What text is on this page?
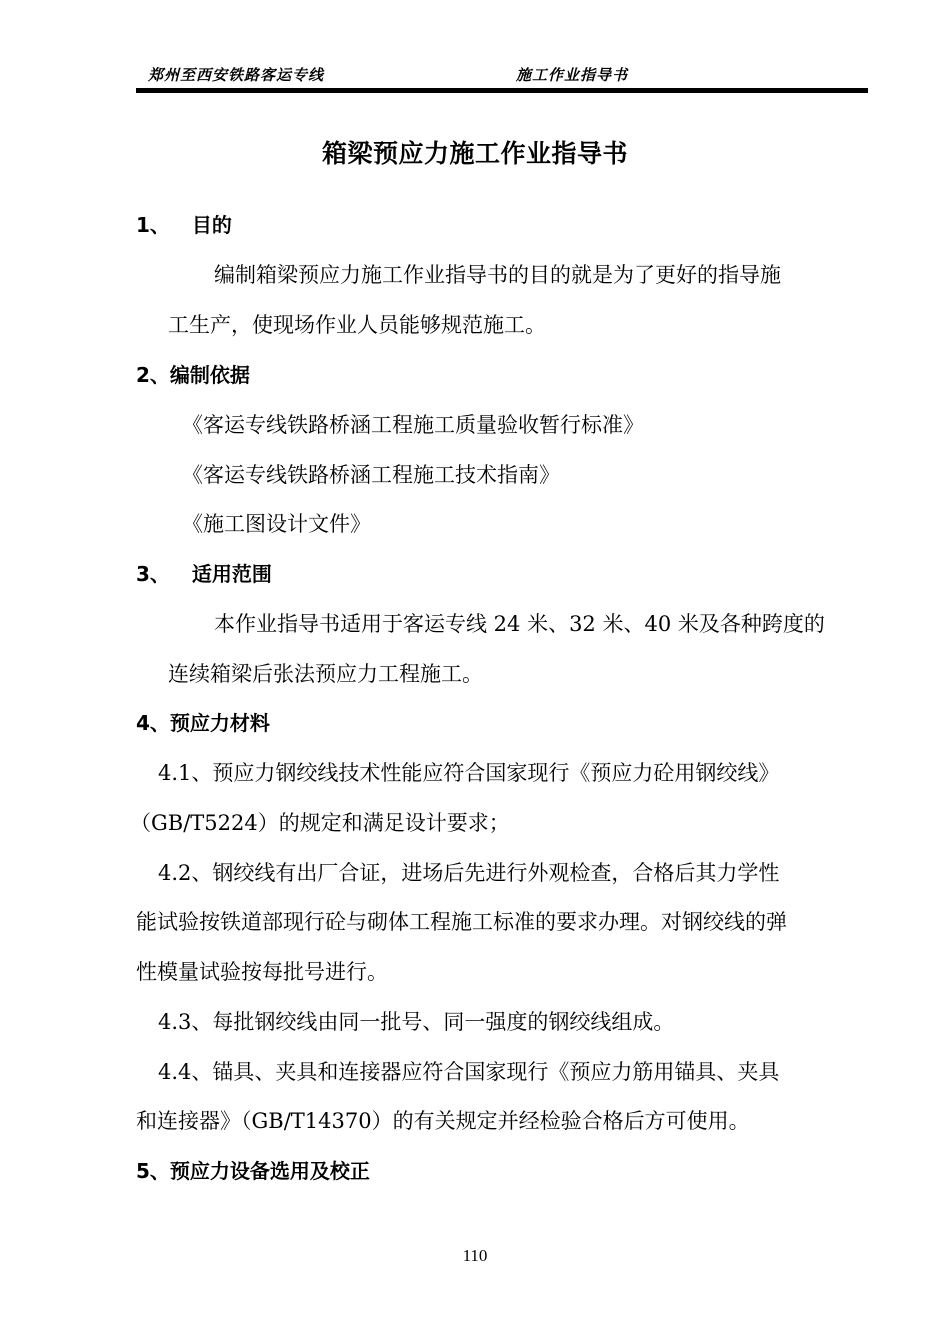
郑州至西安铁路客运专线	施工作业指导书
箱梁预应力施工作业指导书
1、 目的
编制箱梁预应力施工作业指导书的目的就是为了更好的指导施
工生产，使现场作业人员能够规范施工。
2、编制依据
《客运专线铁路桥涵工程施工质量验收暂行标准》
《客运专线铁路桥涵工程施工技术指南》
《施工图设计文件》
3、 适用范围
本作业指导书适用于客运专线 24 米、32 米、40 米及各种跨度的
连续箱梁后张法预应力工程施工。
4、预应力材料
4.1、预应力钢绞线技术性能应符合国家现行《预应力砼用钢绞线》
（GB/T5224）的规定和满足设计要求；
4.2、钢绞线有出厂合证，进场后先进行外观检查，合格后其力学性
能试验按铁道部现行砼与砌体工程施工标准的要求办理。对钢绞线的弹
性模量试验按每批号进行。
4.3、每批钢绞线由同一批号、同一强度的钢绞线组成。
4.4、锚具、夹具和连接器应符合国家现行《预应力筋用锚具、夹具
和连接器》（GB/T14370）的有关规定并经检验合格后方可使用。
5、预应力设备选用及校正
110
